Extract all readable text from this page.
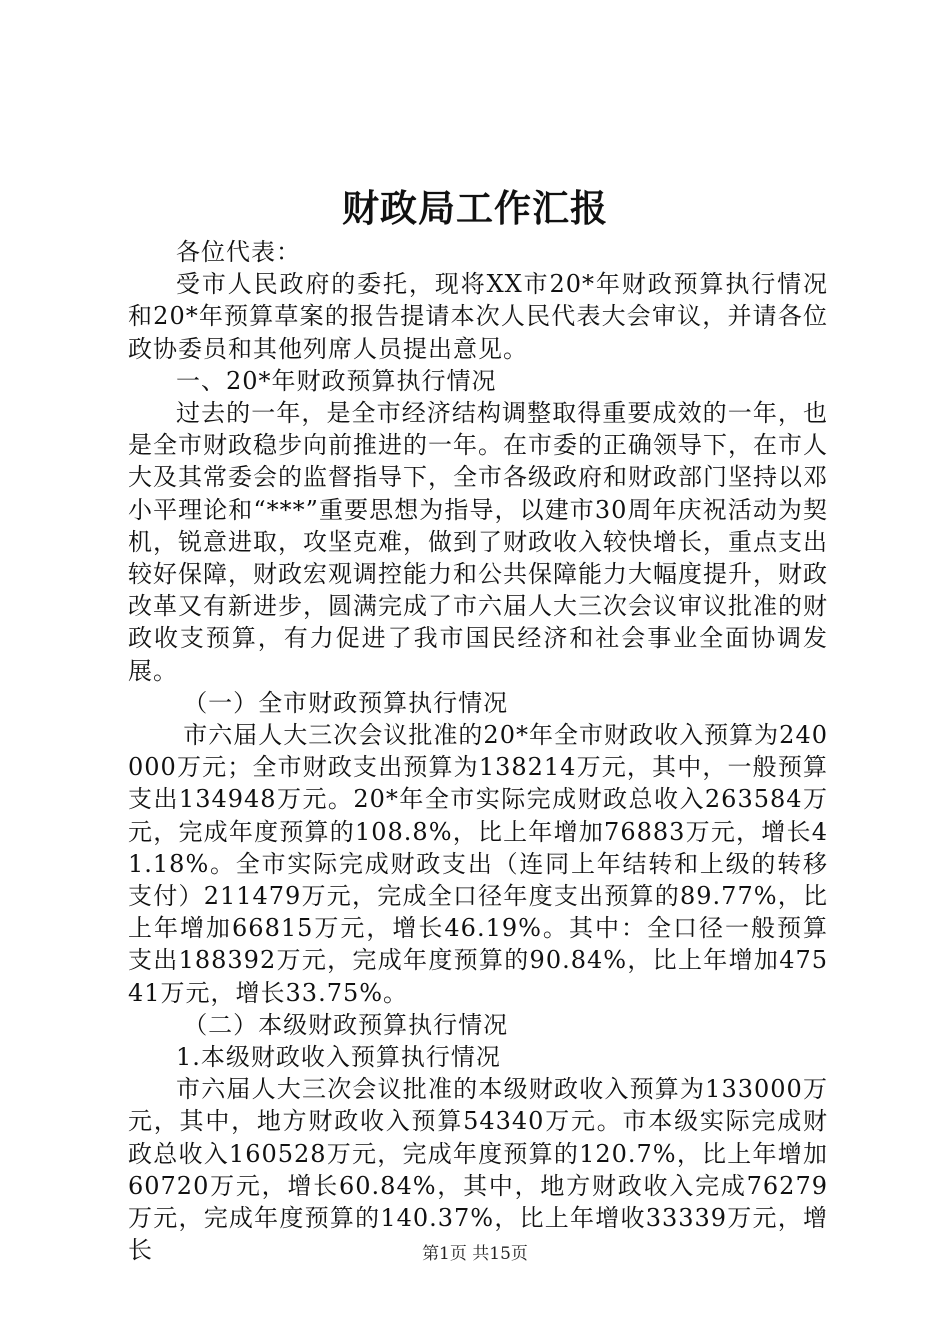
财政局工作汇报

各位代表：

受市人民政府的委托，现将XX市20*年财政预算执行情况和20*年预算草案的报告提请本次人民代表大会审议，并请各位政协委员和其他列席人员提出意见。

一、20*年财政预算执行情况

过去的一年，是全市经济结构调整取得重要成效的一年，也是全市财政稳步向前推进的一年。在市委的正确领导下，在市人大及其常委会的监督指导下，全市各级政府和财政部门坚持以邓小平理论和“***”重要思想为指导，以建市30周年庆祝活动为契机，锐意进取，攻坚克难，做到了财政收入较快增长，重点支出较好保障，财政宏观调控能力和公共保障能力大幅度提升，财政改革又有新进步，圆满完成了市六届人大三次会议审议批准的财政收支预算，有力促进了我市国民经济和社会事业全面协调发展。

（一）全市财政预算执行情况

市六届人大三次会议批准的20*年全市财政收入预算为240000万元；全市财政支出预算为138214万元，其中，一般预算支出134948万元。20*年全市实际完成财政总收入263584万元，完成年度预算的108.8%，比上年增加76883万元，增长41.18%。全市实际完成财政支出（连同上年结转和上级的转移支付）211479万元，完成全口径年度支出预算的89.77%，比上年增加66815万元，增长46.19%。其中：全口径一般预算支出188392万元，完成年度预算的90.84%，比上年增加47541万元，增长33.75%。

（二）本级财政预算执行情况

1.本级财政收入预算执行情况

市六届人大三次会议批准的本级财政收入预算为133000万元，其中，地方财政收入预算54340万元。市本级实际完成财政总收入160528万元，完成年度预算的120.7%，比上年增加60720万元，增长60.84%，其中，地方财政收入完成76279万元，完成年度预算的140.37%，比上年增收33339万元，增长	第1页 共15页
